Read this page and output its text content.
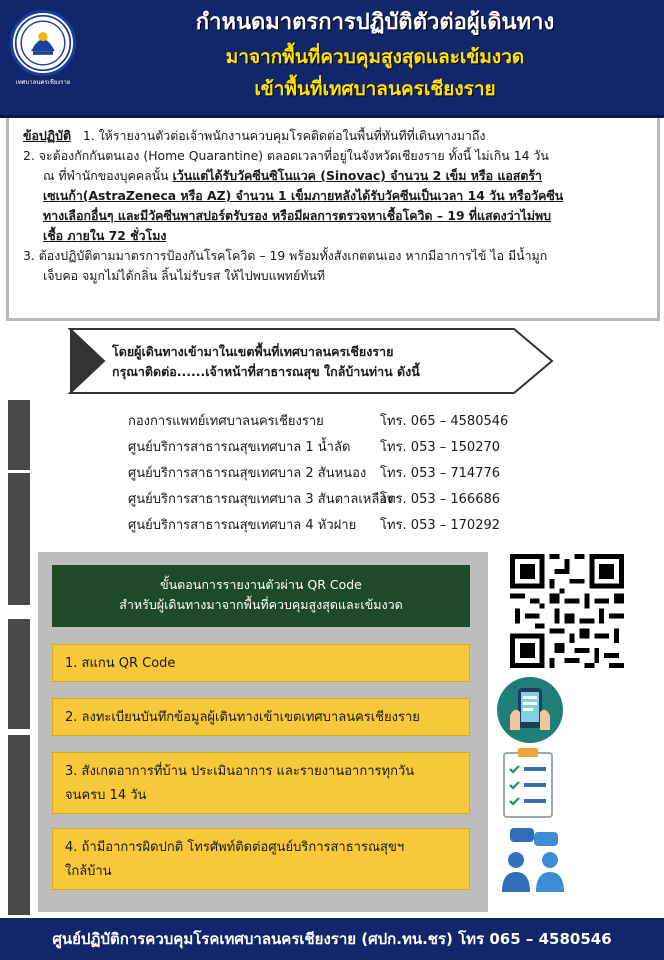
เทศบาลนครเชียงราย
กำหนดมาตรการปฏิบัติตัวต่อผู้เดินทาง
มาจากพื้นที่ควบคุมสูงสุดและเข้มงวด
เข้าพื้นที่เทศบาลนครเชียงราย
ข้อปฏิบัติ 1. ให้รายงานตัวต่อเจ้าพนักงานควบคุมโรคติดต่อในพื้นที่ทันทีที่เดินทางมาถึง
2. จะต้องกักกันตนเอง (Home Quarantine) ตลอดเวลาที่อยู่ในจังหวัดเชียงราย ทั้งนี้ ไม่เกิน 14 วัน
ณ ที่พำนักของบุคคลนั้น เว้นแต่ได้รับวัคซีนซิโนแวค (Sinovac) จำนวน 2 เข็ม หรือ แอสตร้า
เซเนก้า(AstraZeneca หรือ AZ) จำนวน 1 เข็มภายหลังได้รับวัคซีนเป็นเวลา 14 วัน หรือวัคซีน
ทางเลือกอื่นๆ และมีวัคซีนพาสปอร์ตรับรอง หรือมีผลการตรวจหาเชื้อโควิด – 19 ที่แสดงว่าไม่พบ
เชื้อ ภายใน 72 ชั่วโมง
3. ต้องปฏิบัติตามมาตรการป้องกันโรคโควิด – 19 พร้อมทั้งสังเกตตนเอง หากมีอาการไข้ ไอ มีน้ำมูก
เจ็บคอ จมูกไม่ได้กลิ่น ลิ้นไม่รับรส ให้ไปพบแพทย์ทันที
โดยผู้เดินทางเข้ามาในเขตพื้นที่เทศบาลนครเชียงราย
กรุณาติดต่อ......เจ้าหน้าที่สาธารณสุข ใกล้บ้านท่าน ดังนี้
กองการแพทย์เทศบาลนครเชียงราย	โทร. 065 – 4580546
ศูนย์บริการสาธารณสุขเทศบาล 1 น้ำลัด โทร. 053 – 150270
ศูนย์บริการสาธารณสุขเทศบาล 2 สันหนอง โทร. 053 – 714776
ศูนย์บริการสาธารณสุขเทศบาล 3 สันตาลเหลือง
โทร. 053 – 166686
ศูนย์บริการสาธารณสุขเทศบาล 4 หัวฝาย โทร. 053 – 170292
ขั้นตอนการรายงานตัวผ่าน QR Code
สำหรับผู้เดินทางมาจากพื้นที่ควบคุมสูงสุดและเข้มงวด
1. สแกน QR Code
2. ลงทะเบียนบันทึกข้อมูลผู้เดินทางเข้าเขตเทศบาลนครเชียงราย
3. สังเกตอาการที่บ้าน ประเมินอาการ และรายงานอาการทุกวัน
จนครบ 14 วัน
4. ถ้ามีอาการผิดปกติ โทรศัพท์ติดต่อศูนย์บริการสาธารณสุขฯ
ใกล้บ้าน
ศูนย์ปฏิบัติการควบคุมโรคเทศบาลนครเชียงราย (ศปก.ทน.ชร) โทร 065 – 4580546
